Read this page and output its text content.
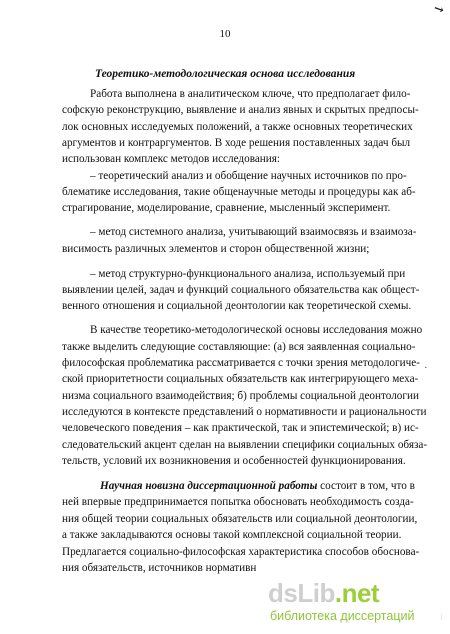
↘
10
Теоретико-методологическая основа исследования
Работа выполнена в аналитическом ключе, что предполагает фило-
софскую реконструкцию, выявление и анализ явных и скрытых предпосы-
лок основных исследуемых положений, а также основных теоретических
аргументов и контраргументов. В ходе решения поставленных задач был
использован комплекс методов исследования:
– теоретический анализ и обобщение научных источников по про-
блематике исследования, такие общенаучные методы и процедуры как аб-
страгирование, моделирование, сравнение, мысленный эксперимент.
– метод системного анализа, учитывающий взаимосвязь и взаимоза-
висимость различных элементов и сторон общественной жизни;
– метод структурно-функционального анализа, используемый при
выявлении целей, задач и функций социального обязательства как общест-
венного отношения и социальной деонтологии как теоретической схемы.
В качестве теоретико-методологической основы исследования можно
также выделить следующие составляющие: (а) вся заявленная социально-
философская проблематика рассматривается с точки зрения методологиче-
ской приоритетности социальных обязательств как интегрирующего меха-
низма социального взаимодействия; б) проблемы социальной деонтологии
исследуются в контексте представлений о нормативности и рациональности
человеческого поведения – как практической, так и эпистемической; в) ис-
следовательский акцент сделан на выявлении специфики социальных обяза-
тельств, условий их возникновения и особенностей функционирования.
Научная новизна диссертационной работы состоит в том, что в
ней впервые предпринимается попытка обосновать необходимость созда-
ния общей теории социальных обязательств или социальной деонтологии,
а также закладываются основы такой комплексной социальной теории.
Предлагается социально-философская характеристика способов обоснова-
ния обязательств, источников нормативн
·
dsLib.net
библиотека диссертаций
